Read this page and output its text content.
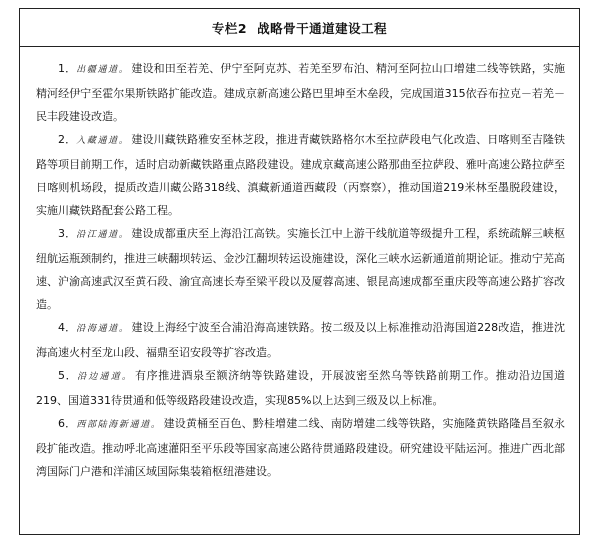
专栏2 战略骨干通道建设工程

1．出疆通道。 建设和田至若羌、伊宁至阿克苏、若羌至罗布泊、精河至阿拉山口增建二线等铁路，实施精河经伊宁至霍尔果斯铁路扩能改造。建成京新高速公路巴里坤至木垒段，完成国道315依吞布拉克－若羌－民丰段建设改造。

2．入藏通道。 建设川藏铁路雅安至林芝段，推进青藏铁路格尔木至拉萨段电气化改造、日喀则至吉隆铁路等项目前期工作，适时启动新藏铁路重点路段建设。建成京藏高速公路那曲至拉萨段、雅叶高速公路拉萨至日喀则机场段，提质改造川藏公路318线、滇藏新通道西藏段（丙察察），推动国道219米林至墨脱段建设，实施川藏铁路配套公路工程。

3．沿江通道。 建设成都重庆至上海沿江高铁。实施长江中上游干线航道等级提升工程，系统疏解三峡枢纽航运瓶颈制约，推进三峡翻坝转运、金沙江翻坝转运设施建设，深化三峡水运新通道前期论证。推动宁芜高速、沪渝高速武汉至黄石段、渝宜高速长寿至梁平段以及厦蓉高速、银昆高速成都至重庆段等高速公路扩容改造。

4．沿海通道。 建设上海经宁波至合浦沿海高速铁路。按二级及以上标准推动沿海国道228改造，推进沈海高速火村至龙山段、福鼎至诏安段等扩容改造。

5．沿边通道。 有序推进酒泉至额济纳等铁路建设，开展波密至然乌等铁路前期工作。推动沿边国道219、国道331待贯通和低等级路段建设改造，实现85%以上达到三级及以上标准。

6．西部陆海新通道。 建设黄桶至百色、黔桂增建二线、南防增建二线等铁路，实施隆黄铁路隆昌至叙永段扩能改造。推动呼北高速灌阳至平乐段等国家高速公路待贯通路段建设。研究建设平陆运河。推进广西北部湾国际门户港和洋浦区域国际集装箱枢纽港建设。
